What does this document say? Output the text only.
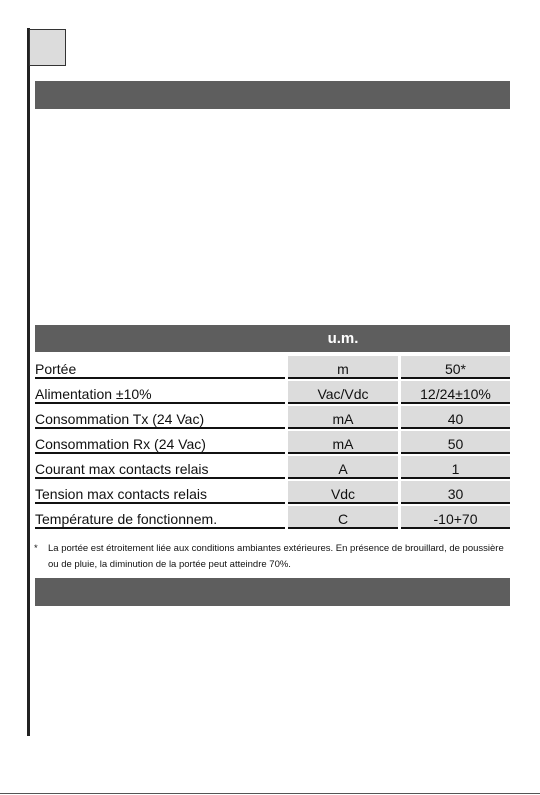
u.m.
Portée	m	50*
Alimentation ±10%	Vac/Vdc	12/24±10%
Consommation Tx (24 Vac)	mA	40
Consommation Rx (24 Vac)	mA	50
Courant max contacts relais	A	1
Tension max contacts relais	Vdc	30
Température de fonctionnem.	C	-10+70
*	La portée est étroitement liée aux conditions ambiantes extérieures. En présence de brouillard, de poussière ou de pluie, la diminution de la portée peut atteindre 70%.
